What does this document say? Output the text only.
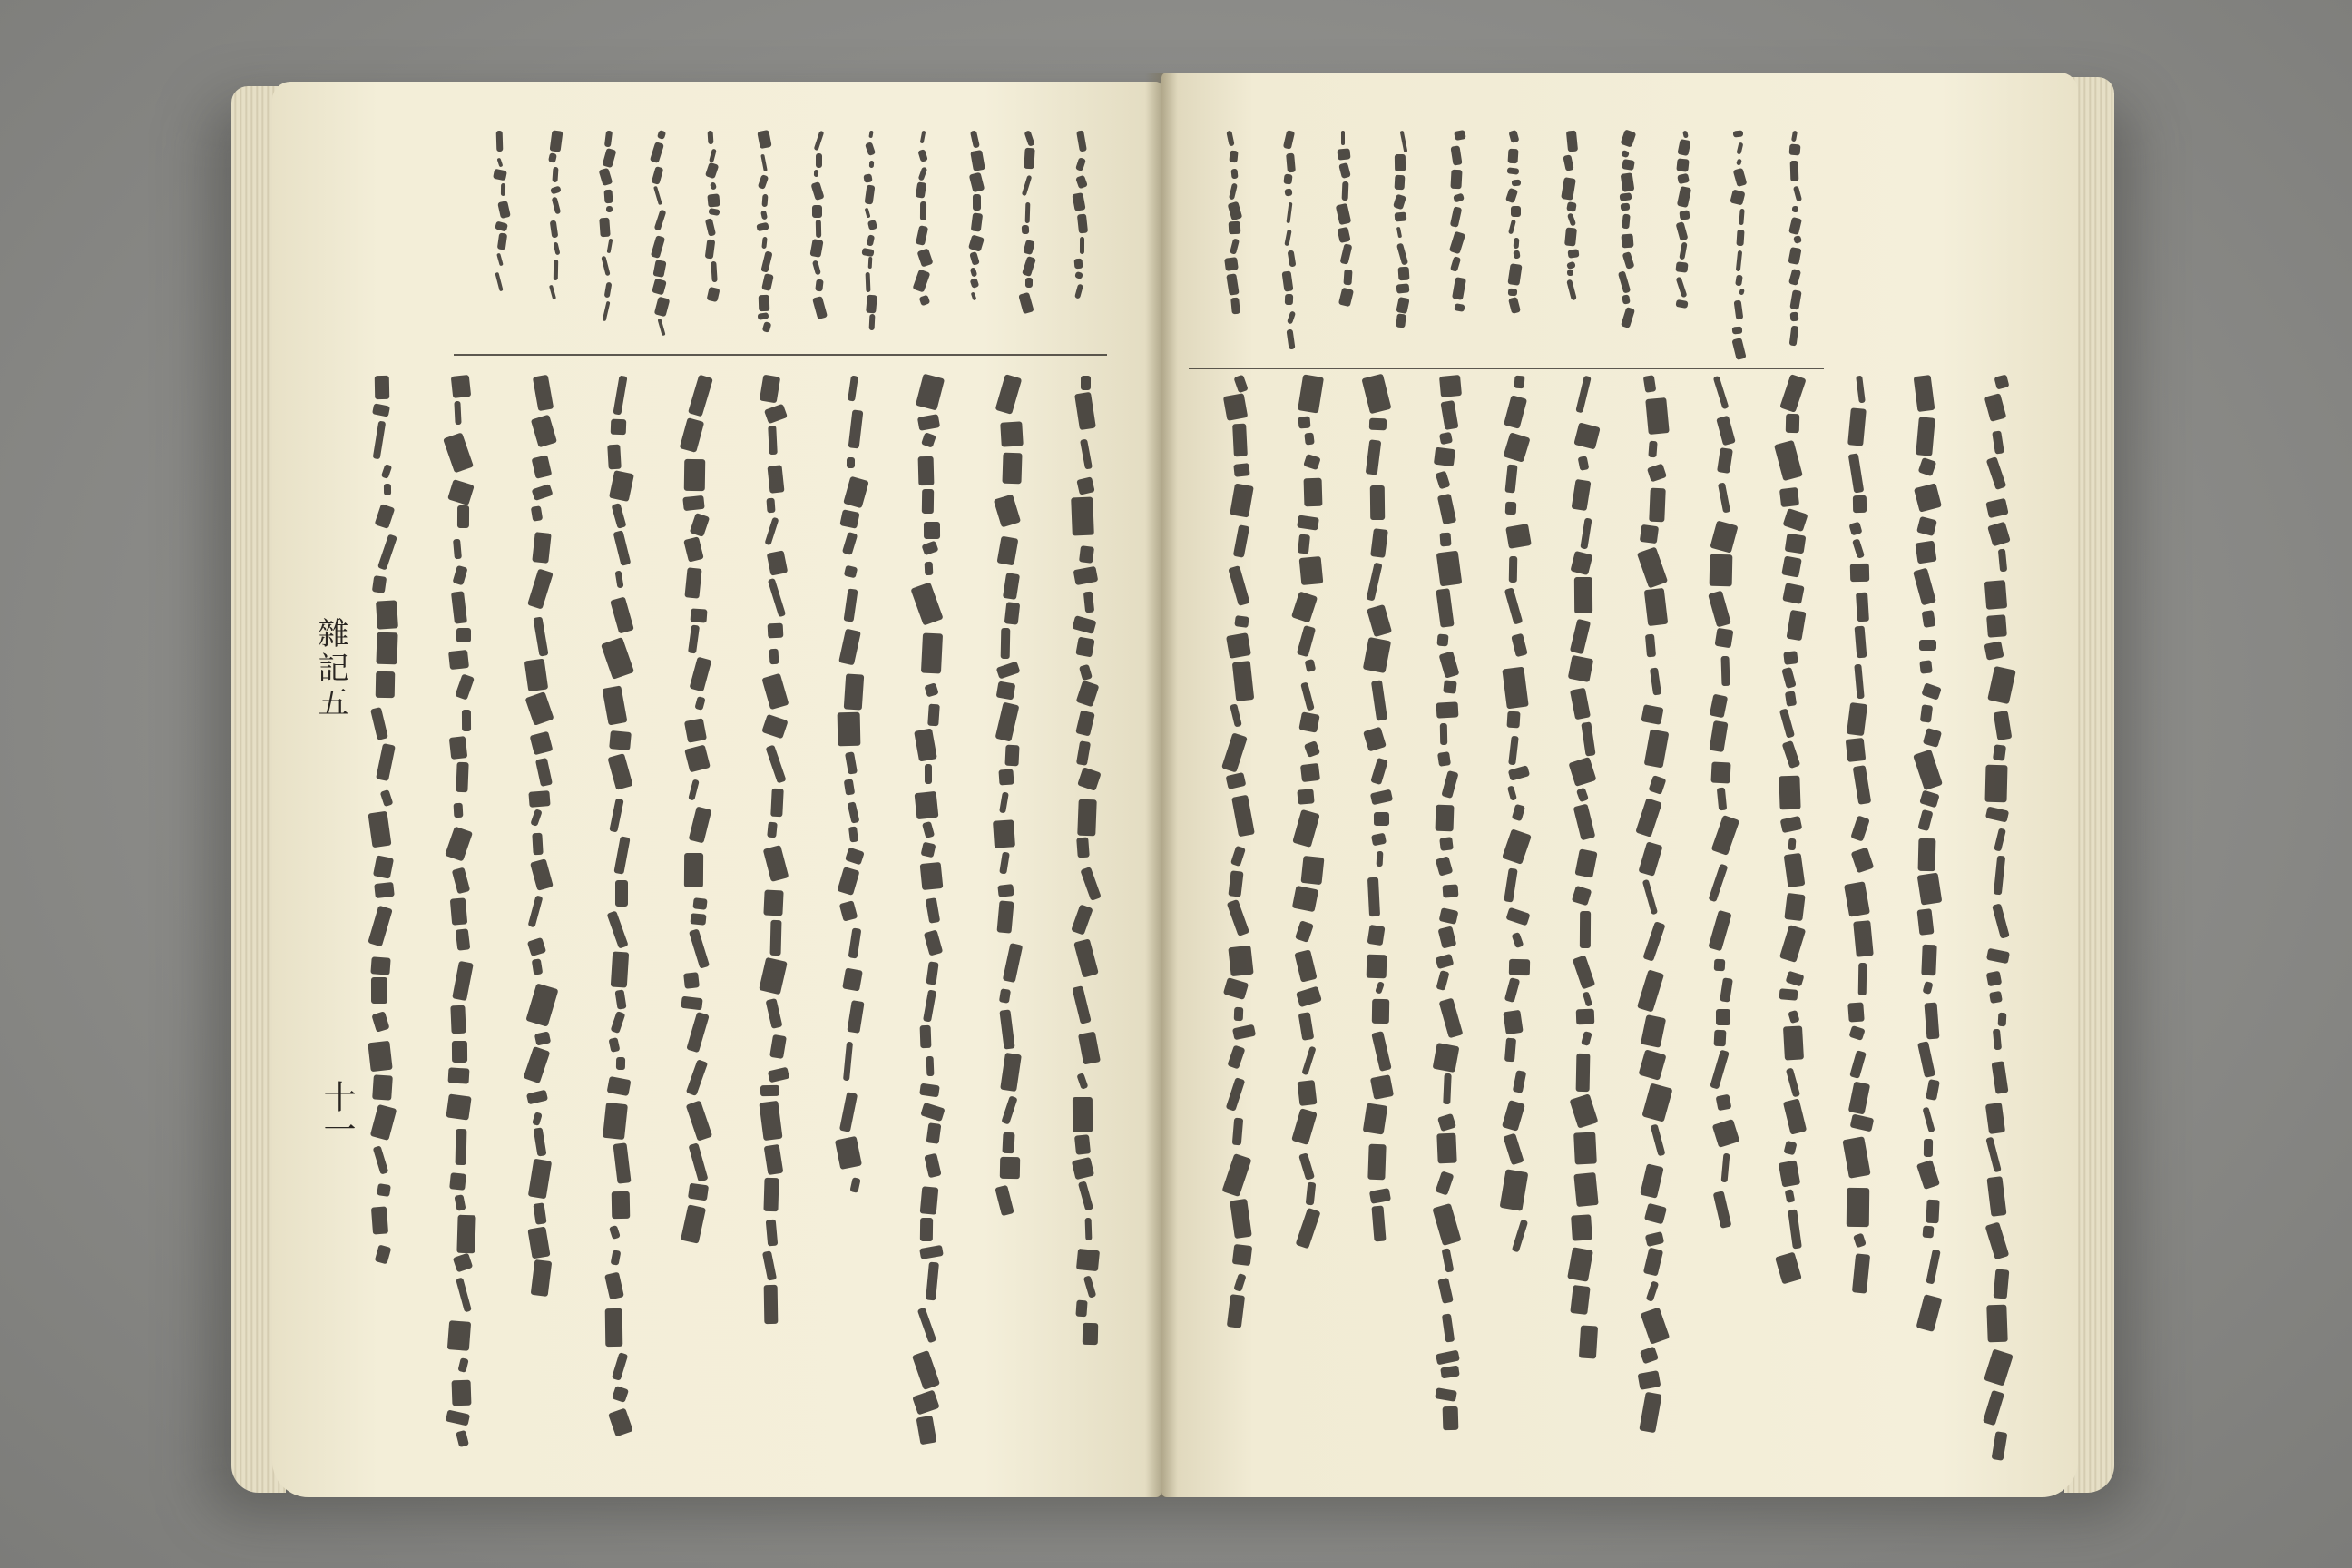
雜記五
十一
